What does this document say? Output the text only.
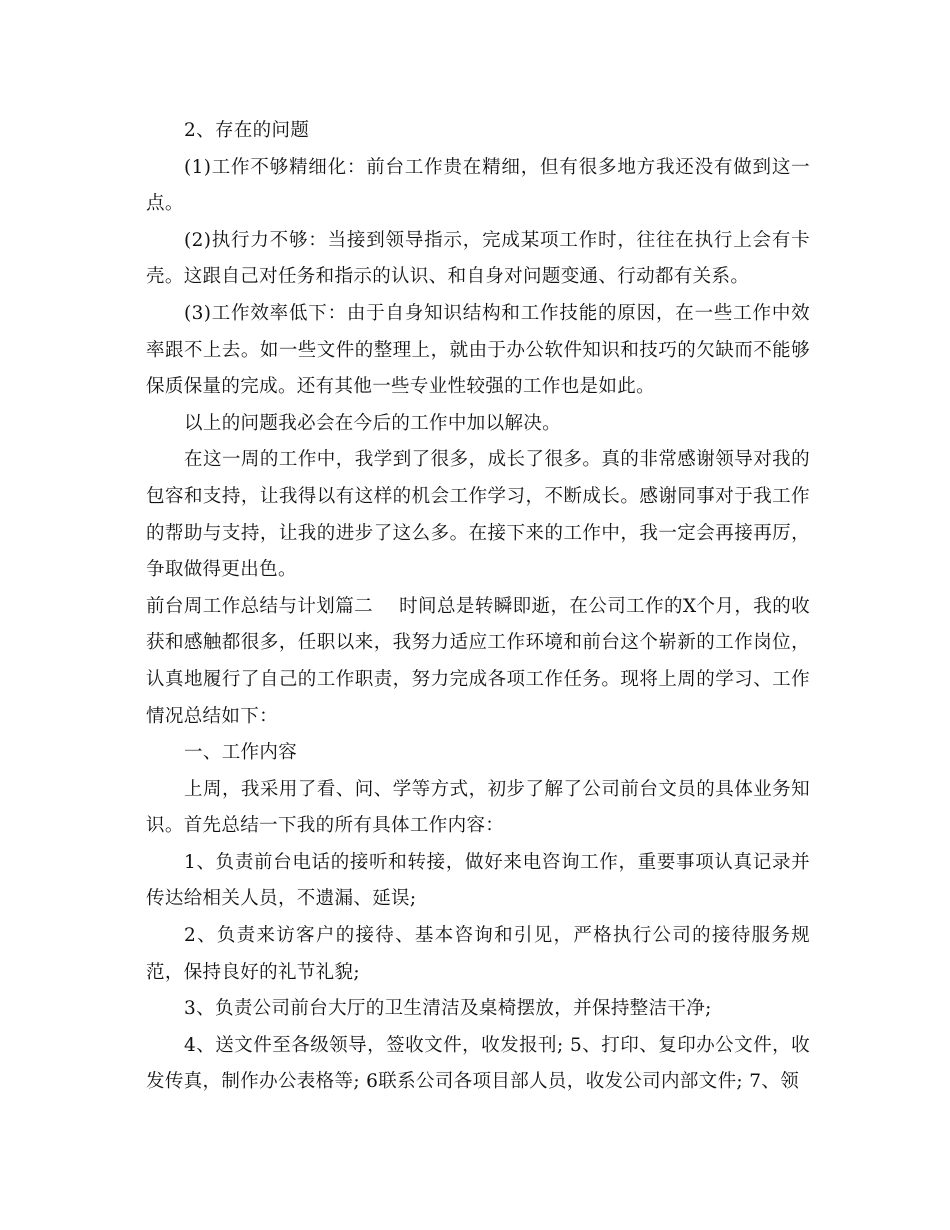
2、存在的问题

(1)工作不够精细化：前台工作贵在精细，但有很多地方我还没有做到这一点。

(2)执行力不够：当接到领导指示，完成某项工作时，往往在执行上会有卡壳。这跟自己对任务和指示的认识、和自身对问题变通、行动都有关系。

(3)工作效率低下：由于自身知识结构和工作技能的原因，在一些工作中效率跟不上去。如一些文件的整理上，就由于办公软件知识和技巧的欠缺而不能够保质保量的完成。还有其他一些专业性较强的工作也是如此。

以上的问题我必会在今后的工作中加以解决。

在这一周的工作中，我学到了很多，成长了很多。真的非常感谢领导对我的包容和支持，让我得以有这样的机会工作学习，不断成长。感谢同事对于我工作的帮助与支持，让我的进步了这么多。在接下来的工作中，我一定会再接再厉，争取做得更出色。

前台周工作总结与计划篇二 时间总是转瞬即逝，在公司工作的X个月，我的收获和感触都很多，任职以来，我努力适应工作环境和前台这个崭新的工作岗位，认真地履行了自己的工作职责，努力完成各项工作任务。现将上周的学习、工作情况总结如下：

一、工作内容

上周，我采用了看、问、学等方式，初步了解了公司前台文员的具体业务知识。首先总结一下我的所有具体工作内容：

1、负责前台电话的接听和转接，做好来电咨询工作，重要事项认真记录并传达给相关人员，不遗漏、延误;

2、负责来访客户的接待、基本咨询和引见，严格执行公司的接待服务规范，保持良好的礼节礼貌;

3、负责公司前台大厅的卫生清洁及桌椅摆放，并保持整洁干净;

4、送文件至各级领导，签收文件，收发报刊; 5、打印、复印办公文件，收发传真，制作办公表格等; 6联系公司各项目部人员，收发公司内部文件; 7、领
